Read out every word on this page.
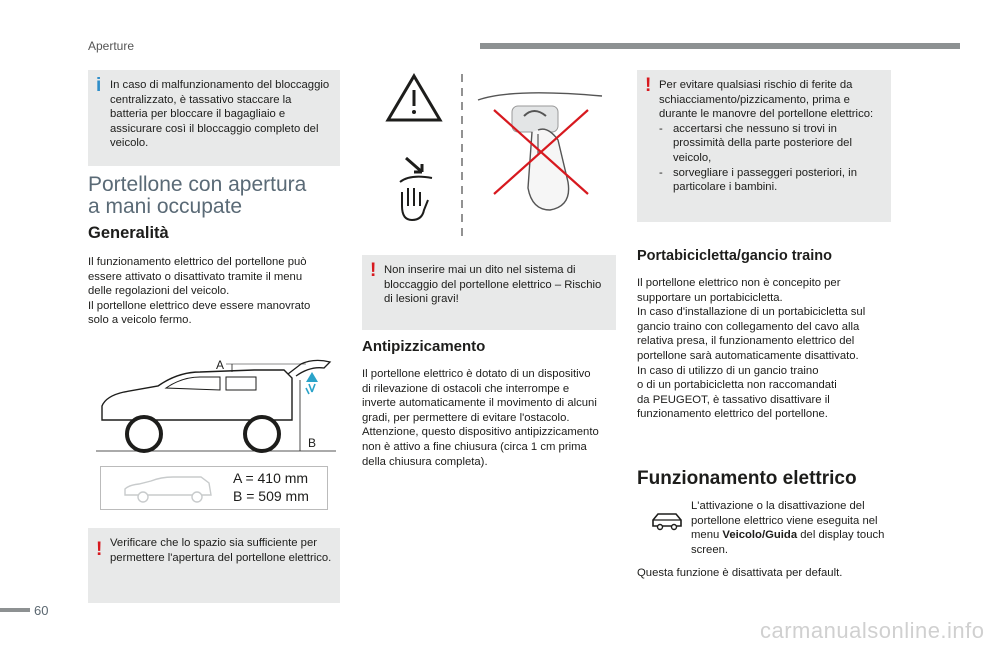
Aperture
i In caso di malfunzionamento del bloccaggio centralizzato, è tassativo staccare la batteria per bloccare il bagagliaio e assicurare così il bloccaggio completo del veicolo.
Portellone con apertura
a mani occupate
Generalità
Il funzionamento elettrico del portellone può
essere attivato o disattivato tramite il menu
delle regolazioni del veicolo.
Il portellone elettrico deve essere manovrato
solo a veicolo fermo.
A
B
A = 410 mm
B = 509 mm
! Verificare che lo spazio sia sufficiente per permettere l'apertura del portellone elettrico.
! Non inserire mai un dito nel sistema di bloccaggio del portellone elettrico – Rischio di lesioni gravi!
Antipizzicamento
Il portellone elettrico è dotato di un dispositivo
di rilevazione di ostacoli che interrompe e
inverte automaticamente il movimento di alcuni
gradi, per permettere di evitare l'ostacolo.
Attenzione, questo dispositivo antipizzicamento
non è attivo a fine chiusura (circa 1 cm prima
della chiusura completa).
! Per evitare qualsiasi rischio di ferite da schiacciamento/pizzicamento, prima e durante le manovre del portellone elettrico:
- accertarsi che nessuno si trovi in prossimità della parte posteriore del veicolo,
- sorvegliare i passeggeri posteriori, in particolare i bambini.
Portabicicletta/gancio traino
Il portellone elettrico non è concepito per
supportare un portabicicletta.
In caso d'installazione di un portabicicletta sul
gancio traino con collegamento del cavo alla
relativa presa, il funzionamento elettrico del
portellone sarà automaticamente disattivato.
In caso di utilizzo di un gancio traino
o di un portabicicletta non raccomandati
da PEUGEOT, è tassativo disattivare il
funzionamento elettrico del portellone.
Funzionamento elettrico
L'attivazione o la disattivazione del portellone elettrico viene eseguita nel menu Veicolo/Guida del display touch screen.
Questa funzione è disattivata per default.
60
carmanualsonline.info
